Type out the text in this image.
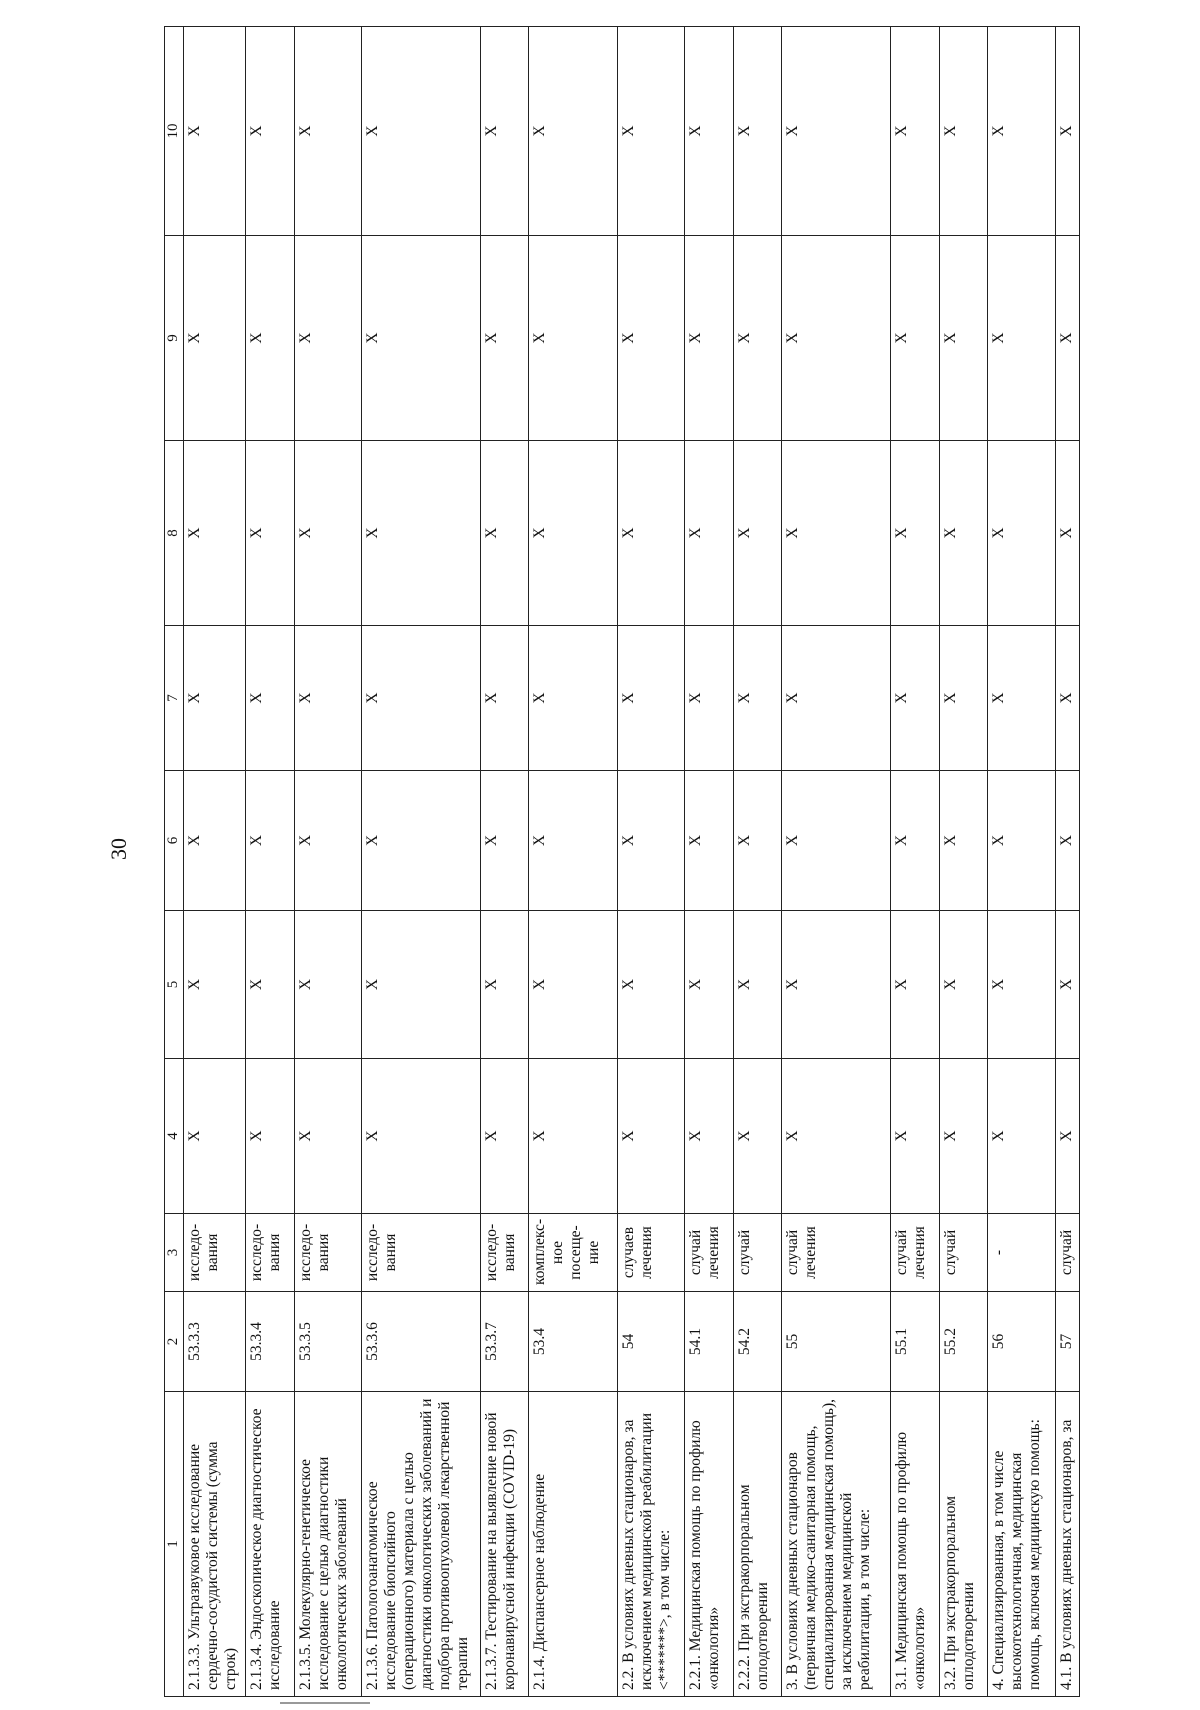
30
1	2	3	4	5	6	7	8	9	10
2.1.3.3. Ультразвуковое исследование сердечно-сосудистой системы (сумма строк)	53.3.3	исследо-вания	X	X	X	X	X	X	X
2.1.3.4. Эндоскопическое диагностическое исследование	53.3.4	исследо-вания	X	X	X	X	X	X	X
2.1.3.5. Молекулярно-генетическое исследование с целью диагностики онкологических заболеваний	53.3.5	исследо-вания	X	X	X	X	X	X	X
2.1.3.6. Патологоанатомическое исследование биопсийного (операционного) материала с целью диагностики онкологических заболеваний и подбора противоопухолевой лекарственной терапии	53.3.6	исследо-вания	X	X	X	X	X	X	X
2.1.3.7. Тестирование на выявление новой коронавирусной инфекции (COVID-19)	53.3.7	исследо-вания	X	X	X	X	X	X	X
2.1.4. Диспансерное наблюдение	53.4	комплекс-ное посеще-ние	X	X	X	X	X	X	X
2.2. В условиях дневных стационаров, за исключением медицинской реабилитации <*******>, в том числе:	54	случаев лечения	X	X	X	X	X	X	X
2.2.1. Медицинская помощь по профилю «онкология»	54.1	случай лечения	X	X	X	X	X	X	X
2.2.2. При экстракорпоральном оплодотворении	54.2	случай	X	X	X	X	X	X	X
3. В условиях дневных стационаров (первичная медико-санитарная помощь, специализированная медицинская помощь), за исключением медицинской реабилитации, в том числе:	55	случай лечения	X	X	X	X	X	X	X
3.1. Медицинская помощь по профилю «онкология»	55.1	случай лечения	X	X	X	X	X	X	X
3.2. При экстракорпоральном оплодотворении	55.2	случай	X	X	X	X	X	X	X
4. Специализированная, в том числе высокотехнологичная, медицинская помощь, включая медицинскую помощь:	56	-	X	X	X	X	X	X	X
4.1. В условиях дневных стационаров, за	57	случай	X	X	X	X	X	X	X
